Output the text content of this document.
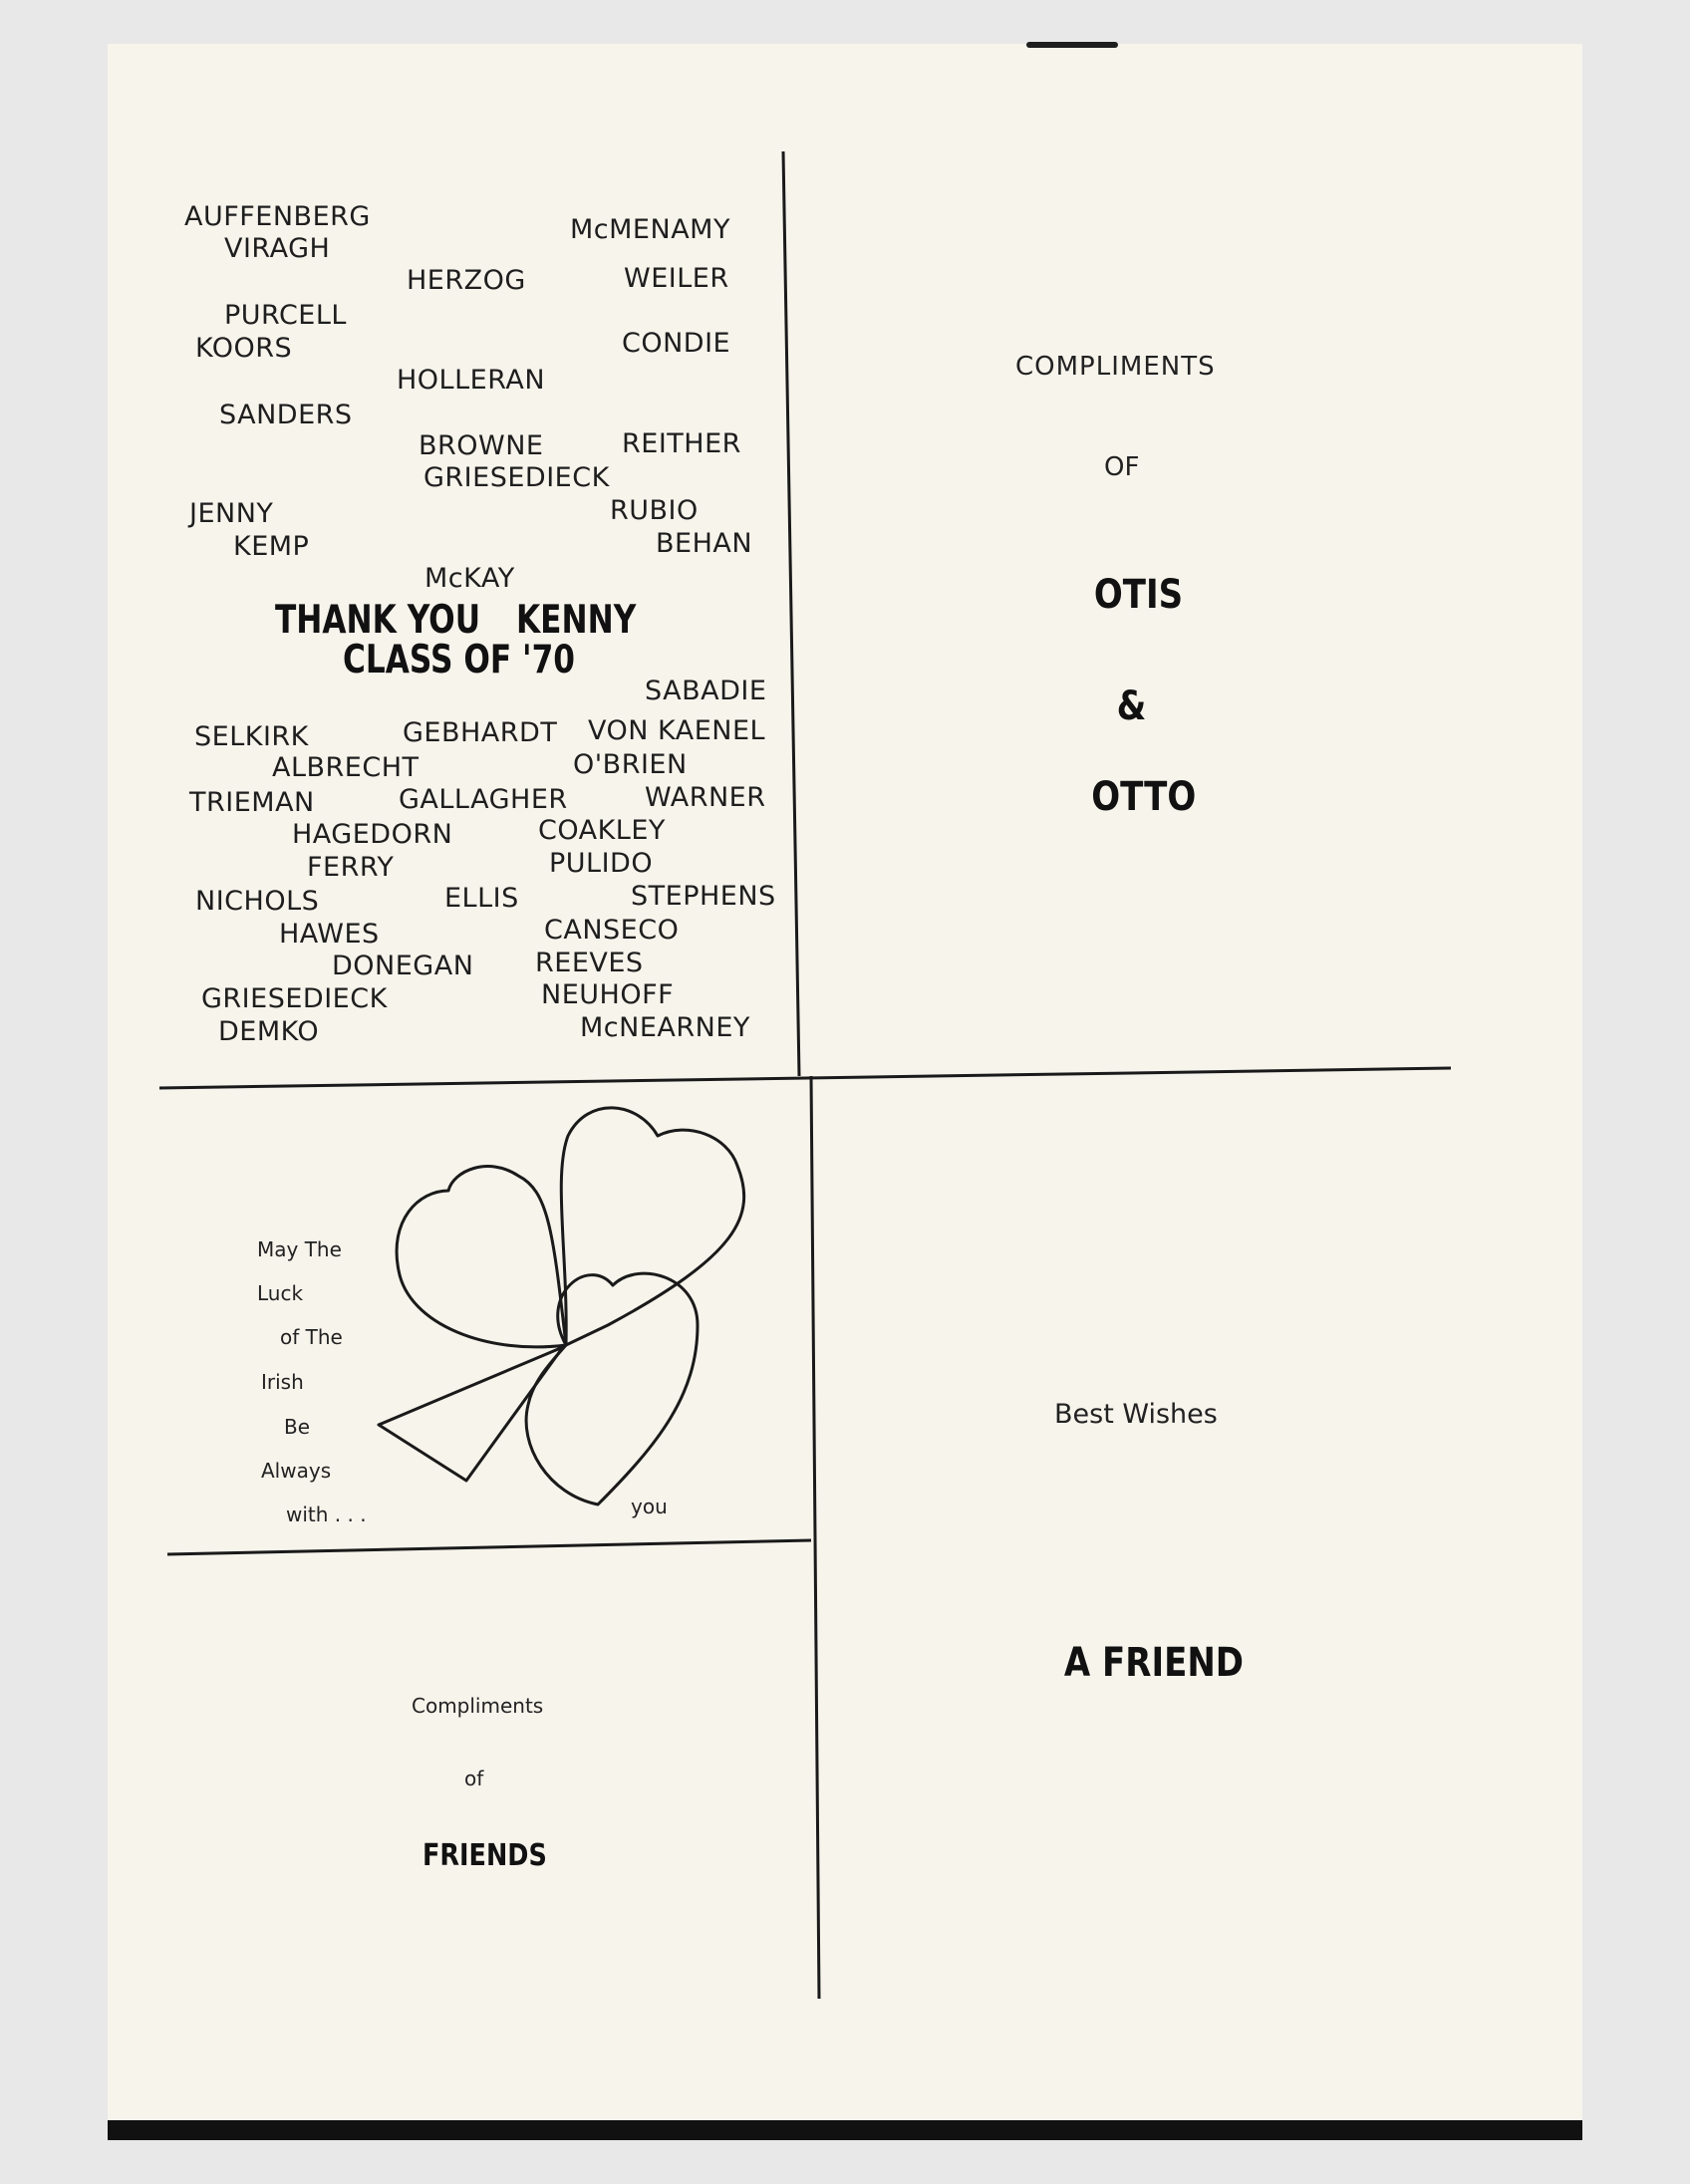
AUFFENBERG
VIRAGH
McMENAMY
HERZOG	WEILER
PURCELL
KOORS	CONDIE
HOLLERAN
SANDERS
BROWNE	REITHER
GRIESEDIECK
JENNY	RUBIO
KEMP	BEHAN
McKAY
THANK YOU KENNY
CLASS OF '70
SABADIE
SELKIRK	GEBHARDT VON KAENEL
ALBRECHT	O'BRIEN
TRIEMAN	GALLAGHER	WARNER
HAGEDORN	COAKLEY
FERRY	PULIDO
NICHOLS	ELLIS	STEPHENS
HAWES	CANSECO
DONEGAN REEVES
GRIESEDIECK	NEUHOFF
DEMKO	McNEARNEY
COMPLIMENTS
OF
OTIS
&
OTTO
May The
Luck
of The
Irish
Be
Always
with . . .	you
Best Wishes
A FRIEND
Compliments
of
FRIENDS
